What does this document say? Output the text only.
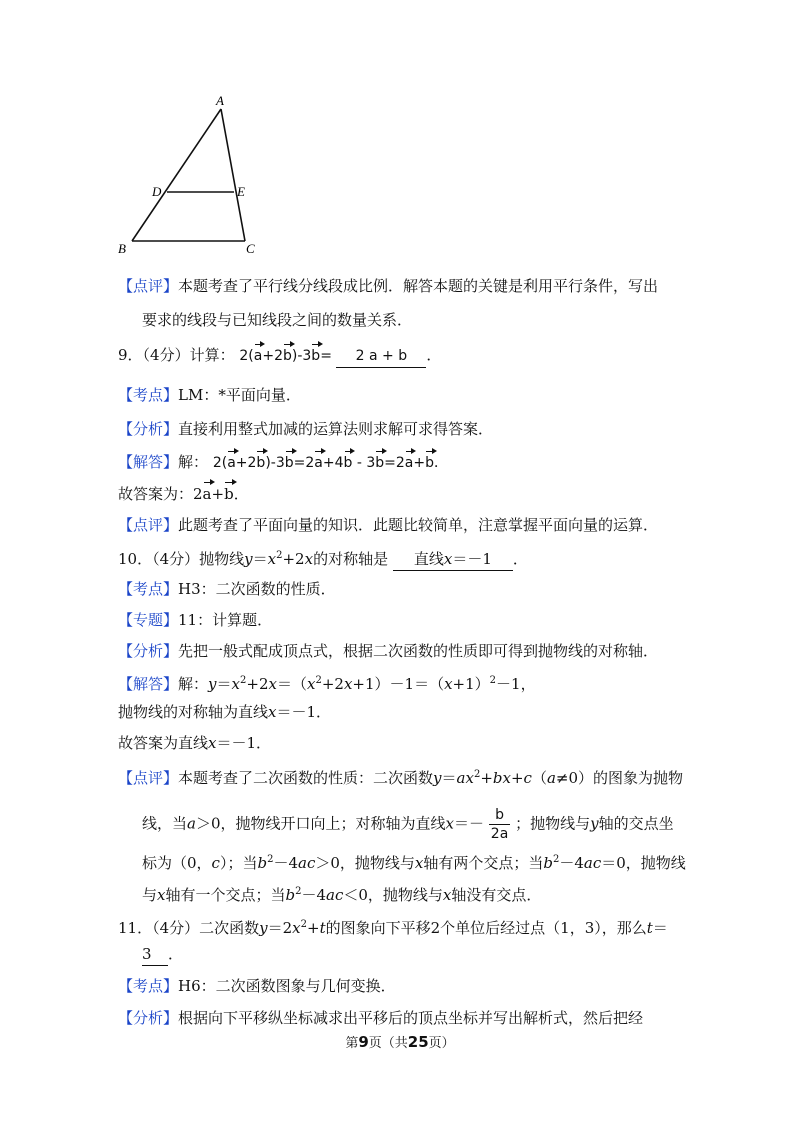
A
D	E
B	C
【点评】本题考查了平行线分线段成比例．解答本题的关键是利用平行条件，写出
要求的线段与已知线段之间的数量关系．
9．（4分）计算： 2(a+2b)-3b= 2 a + b ．
【考点】LM：*平面向量．
【分析】直接利用整式加减的运算法则求解可求得答案．
【解答】解： 2(a+2b)-3b=2a+4b - 3b=2a+b．
故答案为：2a+b．
【点评】此题考查了平面向量的知识．此题比较简单，注意掌握平面向量的运算．
10．（4分）抛物线$y=x^2+2x$的对称轴是 直线x＝－1 ．
【考点】H3：二次函数的性质．
【专题】11：计算题．
【分析】先把一般式配成顶点式，根据二次函数的性质即可得到抛物线的对称轴．
【解答】解：$y=x^2+2x=(x^2+2x+1)-1=(x+1)^2-1$，
抛物线的对称轴为直线x＝－1．
故答案为直线x＝－1．
【点评】本题考查了二次函数的性质：二次函数$y=ax^2+bx+c(a\ne 0)$的图象为抛物
线，当a＞0，抛物线开口向上；对称轴为直线$x=- \frac{b}{2a}$ ；抛物线与y轴的交点坐
标为（0，c）；当$b^2-4ac>0$，抛物线与x轴有两个交点；当$b^2-4ac=0$，抛物线
与x轴有一个交点；当$b^2-4ac<0$，抛物线与x轴没有交点．
11．（4分）二次函数$y=2x^2+t$的图象向下平移2个单位后经过点（1，3），那么t＝
3 ．
【考点】H6：二次函数图象与几何变换．
【分析】根据向下平移纵坐标减求出平移后的顶点坐标并写出解析式，然后把经
第9页（共25页）
